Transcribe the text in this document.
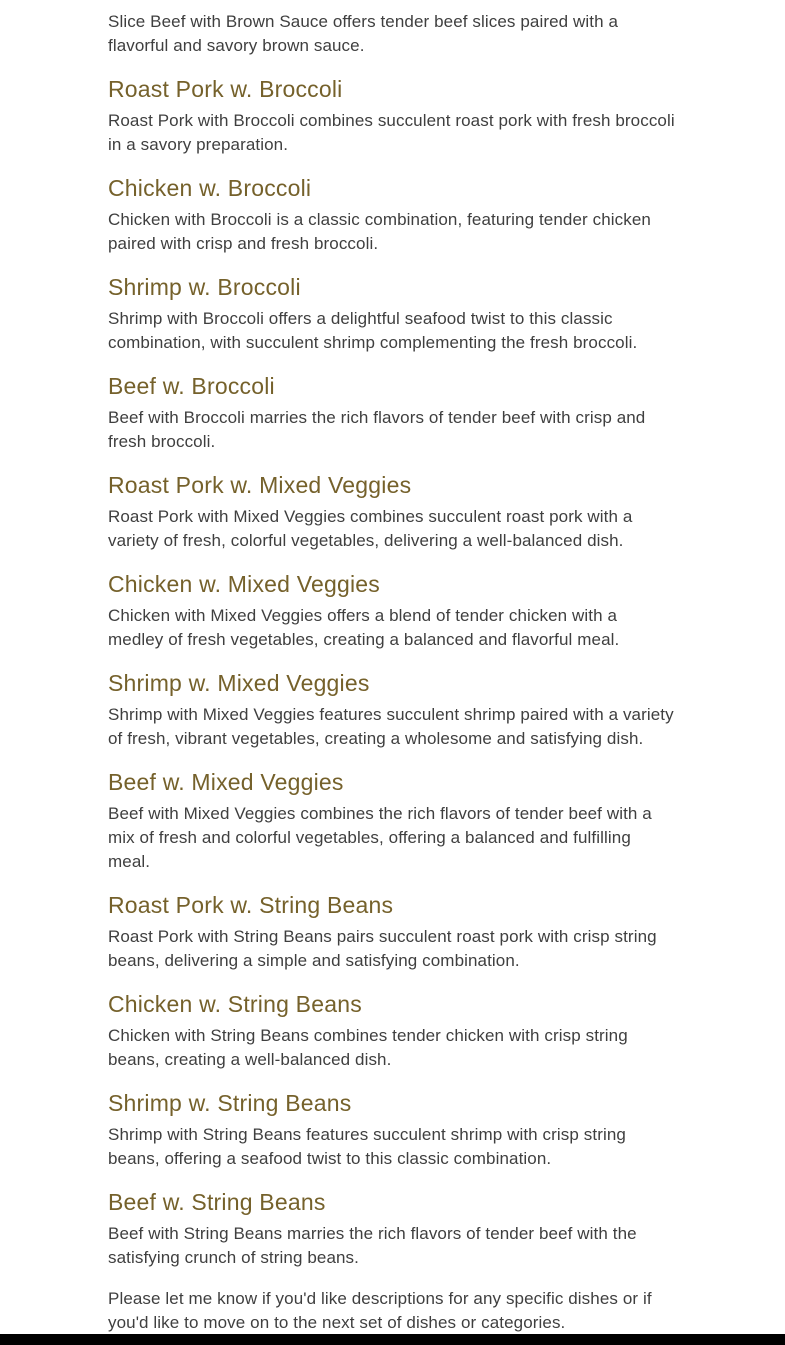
Slice Beef with Brown Sauce offers tender beef slices paired with a flavorful and savory brown sauce.

Roast Pork w. Broccoli

Roast Pork with Broccoli combines succulent roast pork with fresh broccoli in a savory preparation.

Chicken w. Broccoli

Chicken with Broccoli is a classic combination, featuring tender chicken paired with crisp and fresh broccoli.

Shrimp w. Broccoli

Shrimp with Broccoli offers a delightful seafood twist to this classic combination, with succulent shrimp complementing the fresh broccoli.

Beef w. Broccoli

Beef with Broccoli marries the rich flavors of tender beef with crisp and fresh broccoli.

Roast Pork w. Mixed Veggies

Roast Pork with Mixed Veggies combines succulent roast pork with a variety of fresh, colorful vegetables, delivering a well-balanced dish.

Chicken w. Mixed Veggies

Chicken with Mixed Veggies offers a blend of tender chicken with a medley of fresh vegetables, creating a balanced and flavorful meal.

Shrimp w. Mixed Veggies

Shrimp with Mixed Veggies features succulent shrimp paired with a variety of fresh, vibrant vegetables, creating a wholesome and satisfying dish.

Beef w. Mixed Veggies

Beef with Mixed Veggies combines the rich flavors of tender beef with a mix of fresh and colorful vegetables, offering a balanced and fulfilling meal.

Roast Pork w. String Beans

Roast Pork with String Beans pairs succulent roast pork with crisp string beans, delivering a simple and satisfying combination.

Chicken w. String Beans

Chicken with String Beans combines tender chicken with crisp string beans, creating a well-balanced dish.

Shrimp w. String Beans

Shrimp with String Beans features succulent shrimp with crisp string beans, offering a seafood twist to this classic combination.

Beef w. String Beans

Beef with String Beans marries the rich flavors of tender beef with the satisfying crunch of string beans.

Please let me know if you'd like descriptions for any specific dishes or if you'd like to move on to the next set of dishes or categories.
